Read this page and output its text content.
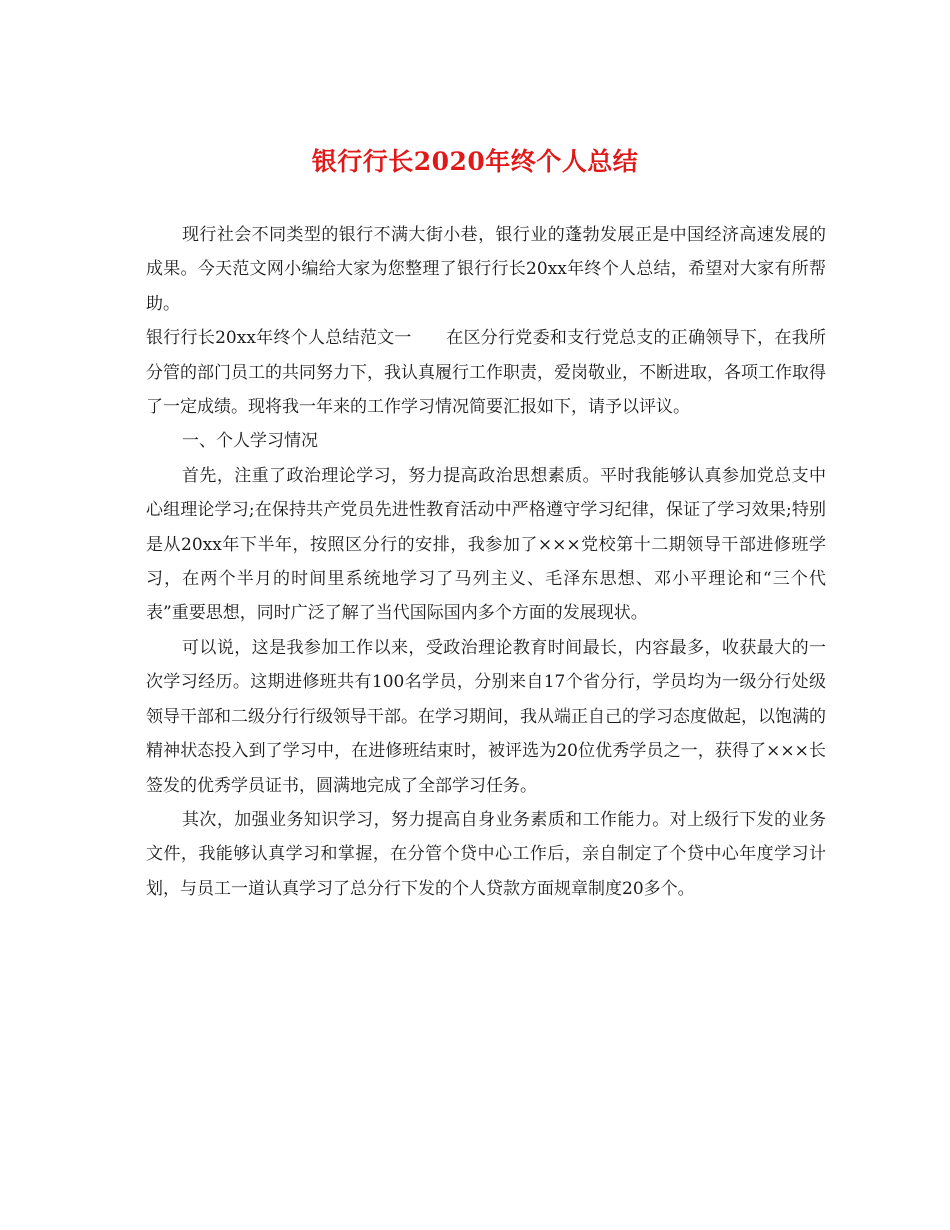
银行行长2020年终个人总结

现行社会不同类型的银行不满大街小巷，银行业的蓬勃发展正是中国经济高速发展的成果。今天范文网小编给大家为您整理了银行行长20xx年终个人总结，希望对大家有所帮助。

银行行长20xx年终个人总结范文一　　在区分行党委和支行党总支的正确领导下，在我所分管的部门员工的共同努力下，我认真履行工作职责，爱岗敬业，不断进取，各项工作取得了一定成绩。现将我一年来的工作学习情况简要汇报如下，请予以评议。

一、个人学习情况

首先，注重了政治理论学习，努力提高政治思想素质。平时我能够认真参加党总支中心组理论学习;在保持共产党员先进性教育活动中严格遵守学习纪律，保证了学习效果;特别是从20xx年下半年，按照区分行的安排，我参加了×××党校第十二期领导干部进修班学习，在两个半月的时间里系统地学习了马列主义、毛泽东思想、邓小平理论和“三个代表”重要思想，同时广泛了解了当代国际国内多个方面的发展现状。

可以说，这是我参加工作以来，受政治理论教育时间最长，内容最多，收获最大的一次学习经历。这期进修班共有100名学员，分别来自17个省分行，学员均为一级分行处级领导干部和二级分行行级领导干部。在学习期间，我从端正自己的学习态度做起，以饱满的精神状态投入到了学习中，在进修班结束时，被评选为20位优秀学员之一，获得了×××长签发的优秀学员证书，圆满地完成了全部学习任务。

其次，加强业务知识学习，努力提高自身业务素质和工作能力。对上级行下发的业务文件，我能够认真学习和掌握，在分管个贷中心工作后，亲自制定了个贷中心年度学习计划，与员工一道认真学习了总分行下发的个人贷款方面规章制度20多个。
